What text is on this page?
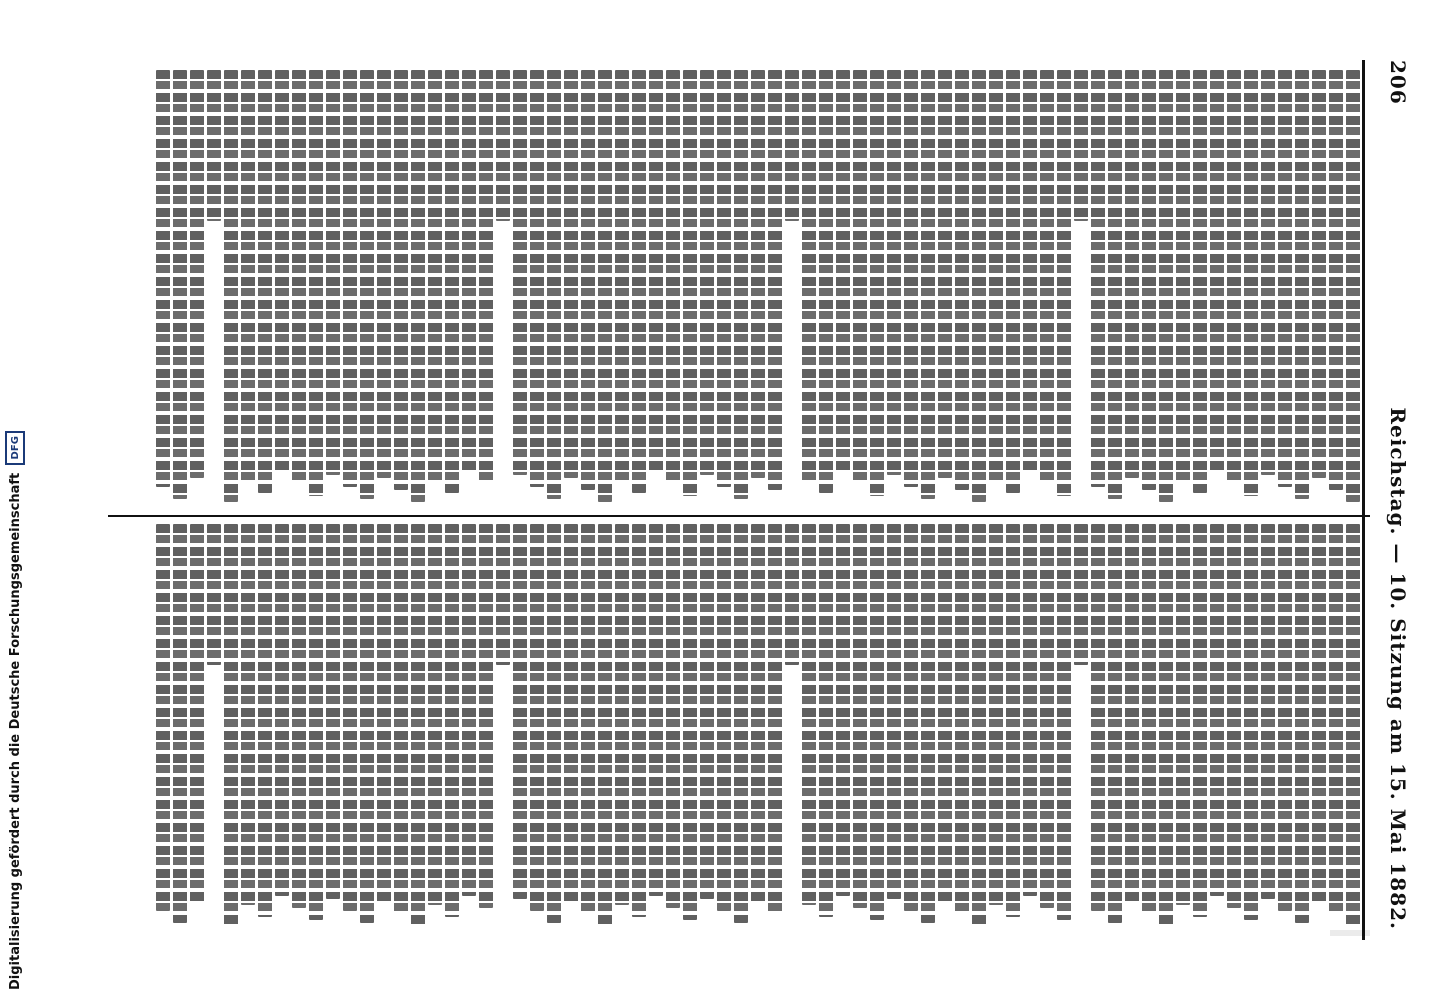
206
Reichstag. — 10. Sitzung am 15. Mai 1882.
Digitalisierung gefördert durch die Deutsche Forschungsgemeinschaft
DFG
